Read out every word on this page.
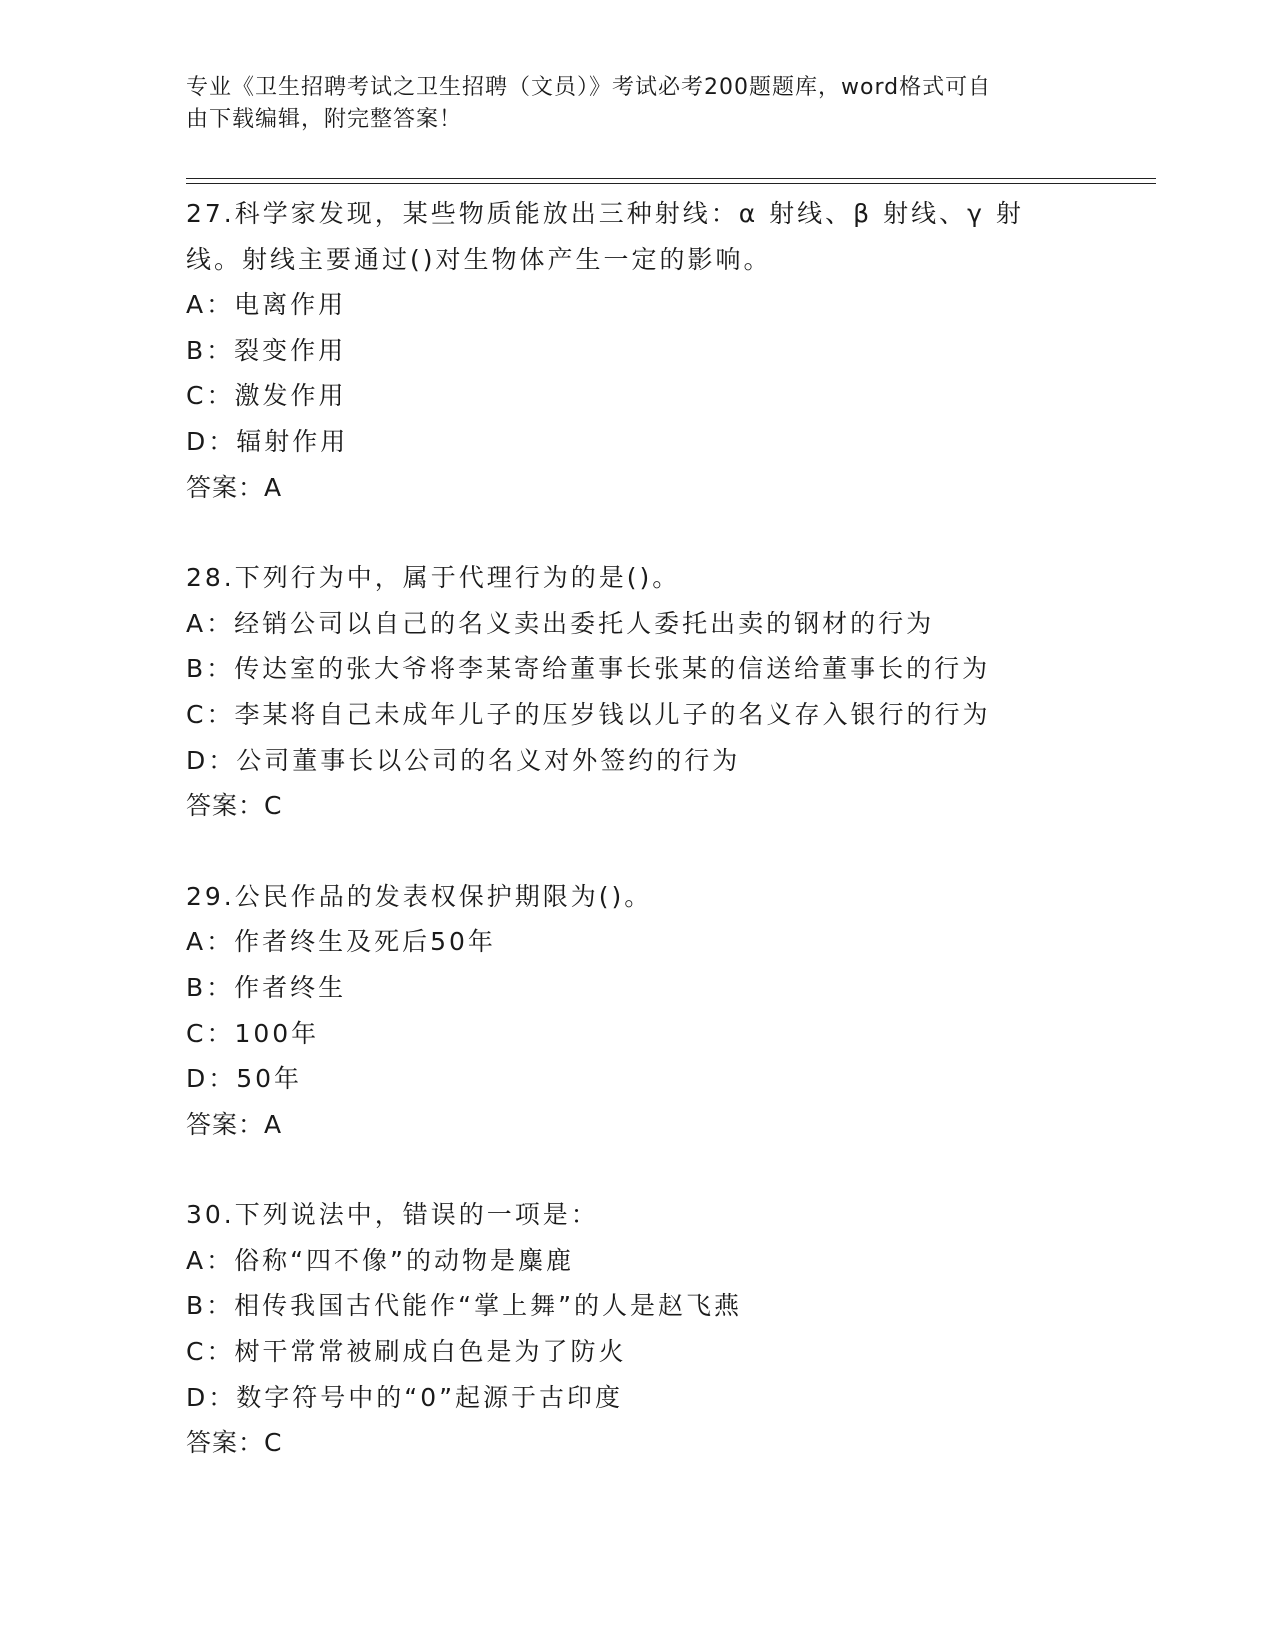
专业《卫生招聘考试之卫生招聘（文员）》考试必考200题题库，word格式可自
由下载编辑，附完整答案！

27.科学家发现，某些物质能放出三种射线：α 射线、β 射线、γ 射

线。射线主要通过()对生物体产生一定的影响。

A：电离作用

B：裂变作用

C：激发作用

D：辐射作用

答案：A

28.下列行为中，属于代理行为的是()。

A：经销公司以自己的名义卖出委托人委托出卖的钢材的行为

B：传达室的张大爷将李某寄给董事长张某的信送给董事长的行为

C：李某将自己未成年儿子的压岁钱以儿子的名义存入银行的行为

D：公司董事长以公司的名义对外签约的行为

答案：C

29.公民作品的发表权保护期限为()。

A：作者终生及死后50年

B：作者终生

C：100年

D：50年

答案：A

30.下列说法中，错误的一项是：

A：俗称“四不像”的动物是麋鹿

B：相传我国古代能作“掌上舞”的人是赵飞燕

C：树干常常被刷成白色是为了防火

D：数字符号中的“0”起源于古印度

答案：C
